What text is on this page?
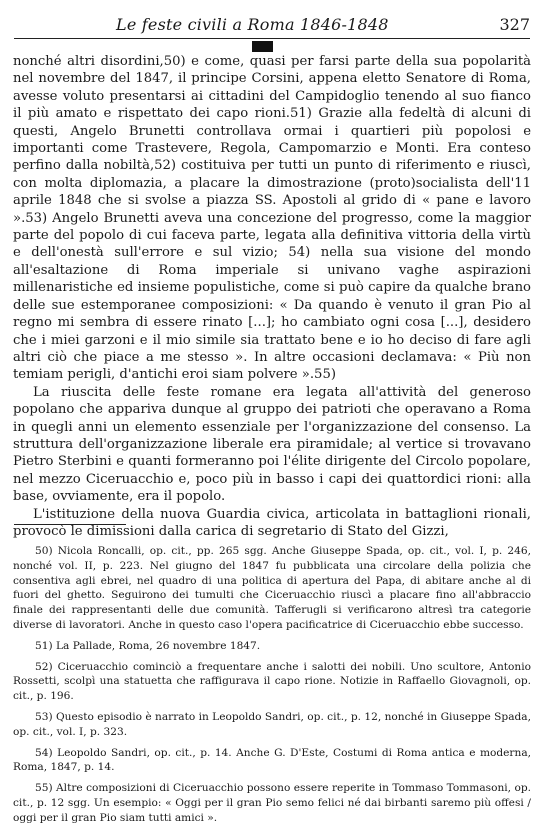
Le feste civili a Roma 1846-1848	327

nonché altri disordini,50) e come, quasi per farsi parte della sua popolarità nel novembre del 1847, il principe Corsini, appena eletto Senatore di Roma, avesse voluto presentarsi ai cittadini del Campidoglio tenendo al suo fianco il più amato e rispettato dei capo rioni.51) Grazie alla fedeltà di alcuni di questi, Angelo Brunetti controllava ormai i quartieri più popolosi e importanti come Trastevere, Regola, Campomarzio e Monti. Era conteso perfino dalla nobiltà,52) costituiva per tutti un punto di riferimento e riuscì, con molta diplomazia, a placare la dimostrazione (proto)socialista dell'11 aprile 1848 che si svolse a piazza SS. Apostoli al grido di « pane e lavoro ».53) Angelo Brunetti aveva una concezione del progresso, come la maggior parte del popolo di cui faceva parte, legata alla definitiva vittoria della virtù e dell'onestà sull'errore e sul vizio; 54) nella sua visione del mondo all'esaltazione di Roma imperiale si univano vaghe aspirazioni millenaristiche ed insieme populistiche, come si può capire da qualche brano delle sue estemporanee composizioni: « Da quando è venuto il gran Pio al regno mi sembra di essere rinato [...]; ho cambiato ogni cosa [...], desidero che i miei garzoni e il mio simile sia trattato bene e io ho deciso di fare agli altri ciò che piace a me stesso ». In altre occasioni declamava: « Più non temiam perigli, d'antichi eroi siam polvere ».55)

La riuscita delle feste romane era legata all'attività del generoso popolano che appariva dunque al gruppo dei patrioti che operavano a Roma in quegli anni un elemento essenziale per l'organizzazione del consenso. La struttura dell'organizzazione liberale era piramidale; al vertice si trovavano Pietro Sterbini e quanti formeranno poi l'élite dirigente del Circolo popolare, nel mezzo Ciceruacchio e, poco più in basso i capi dei quattordici rioni: alla base, ovviamente, era il popolo.

L'istituzione della nuova Guardia civica, articolata in battaglioni rionali, provocò le dimissioni dalla carica di segretario di Stato del Gizzi,

50) Nicola Roncalli, op. cit., pp. 265 sgg. Anche Giuseppe Spada, op. cit., vol. I, p. 246, nonché vol. II, p. 223. Nel giugno del 1847 fu pubblicata una circolare della polizia che consentiva agli ebrei, nel quadro di una politica di apertura del Papa, di abitare anche al di fuori del ghetto. Seguirono dei tumulti che Ciceruacchio riuscì a placare fino all'abbraccio finale dei rappresentanti delle due comunità. Tafferugli si verificarono altresì tra categorie diverse di lavoratori. Anche in questo caso l'opera pacificatrice di Ciceruacchio ebbe successo.

51) La Pallade, Roma, 26 novembre 1847.

52) Ciceruacchio cominciò a frequentare anche i salotti dei nobili. Uno scultore, Antonio Rossetti, scolpì una statuetta che raffigurava il capo rione. Notizie in Raffaello Giovagnoli, op. cit., p. 196.

53) Questo episodio è narrato in Leopoldo Sandri, op. cit., p. 12, nonché in Giuseppe Spada, op. cit., vol. I, p. 323.

54) Leopoldo Sandri, op. cit., p. 14. Anche G. D'Este, Costumi di Roma antica e moderna, Roma, 1847, p. 14.

55) Altre composizioni di Ciceruacchio possono essere reperite in Tommaso Tommasoni, op. cit., p. 12 sgg. Un esempio: « Oggi per il gran Pio semo felici né dai birbanti saremo più offesi / oggi per il gran Pio siam tutti amici ».
